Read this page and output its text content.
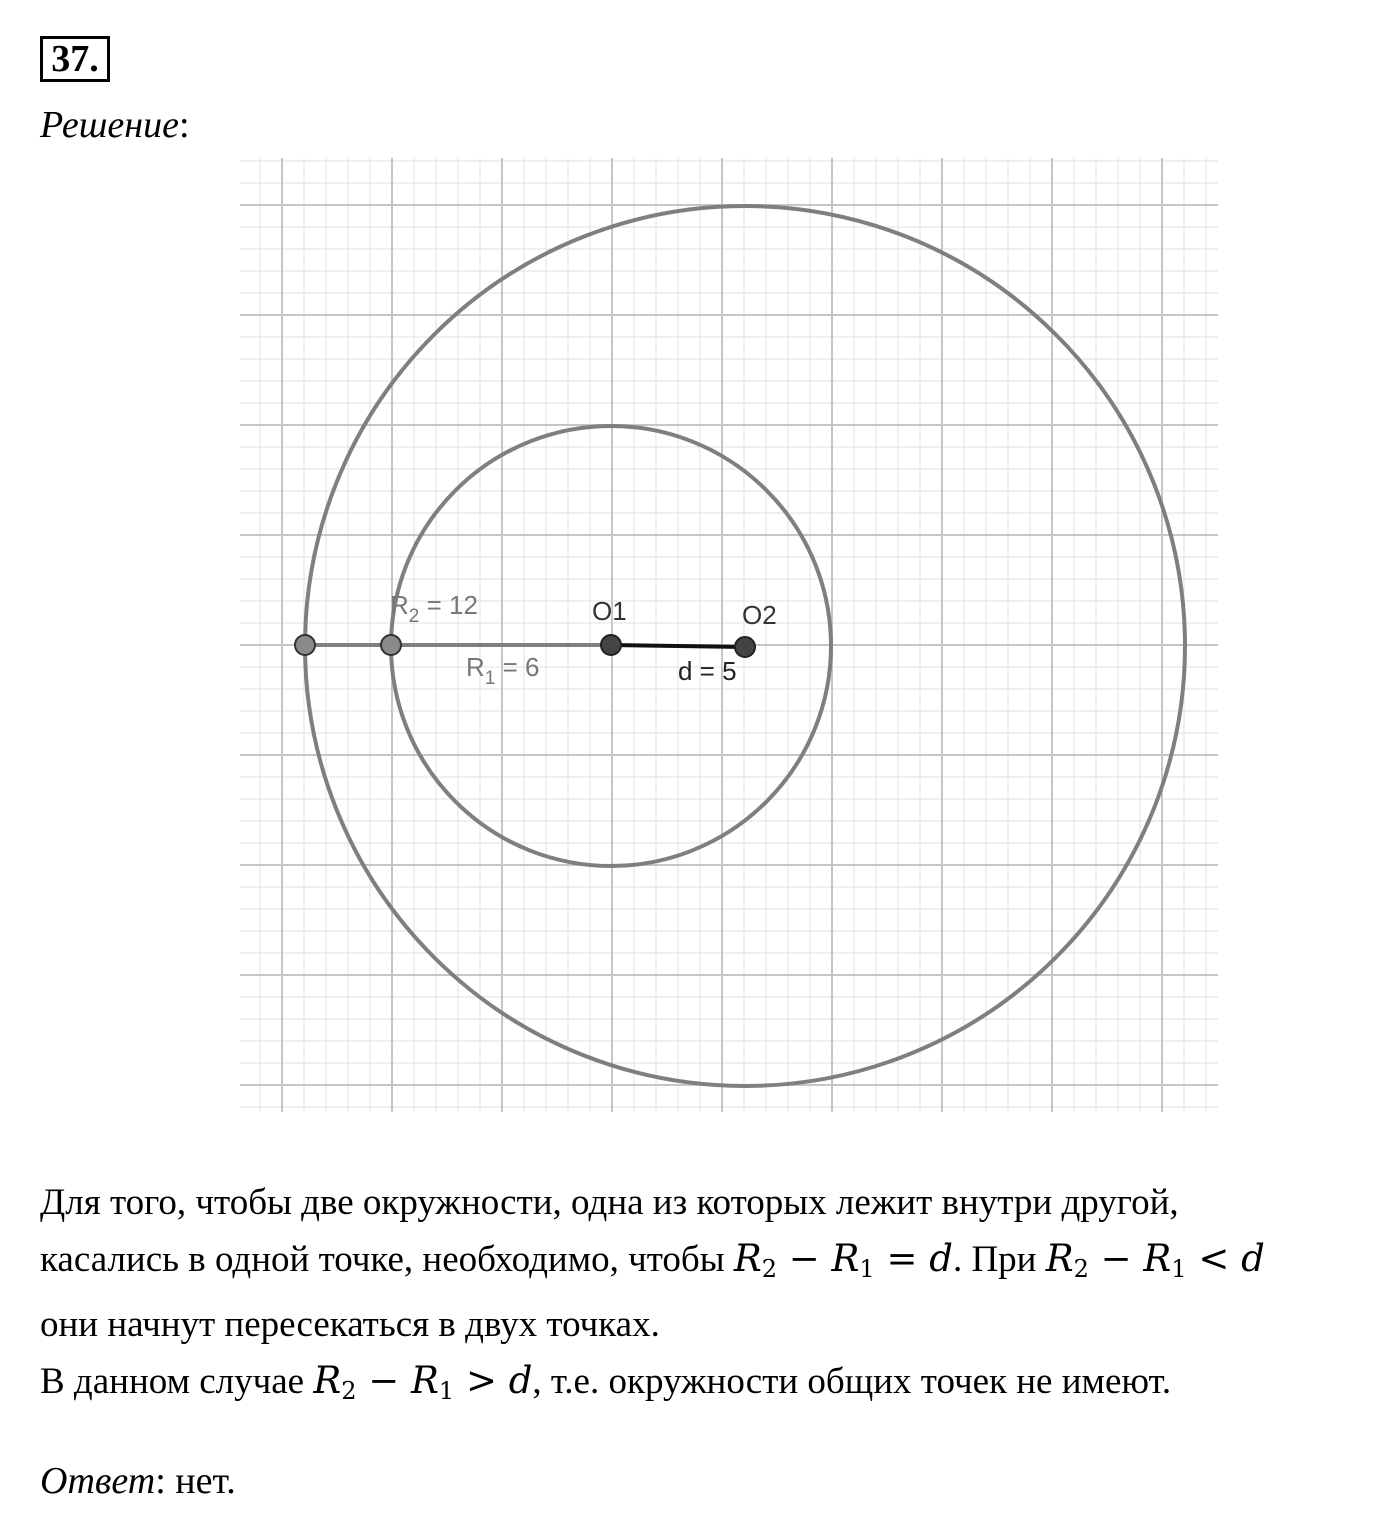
37.
Решение:
$R_2 = 12$	O1	O2
$R_1 = 6$	d = 5

Для того, чтобы две окружности, одна из которых лежит внутри другой,

касались в одной точке, необходимо, чтобы $R_2 - R_1 = d$. При $R_2 - R_1 < d$

они начнут пересекаться в двух точках.

В данном случае $R_2 - R_1 > d$, т.е. окружности общих точек не имеют.

Ответ: нет.
